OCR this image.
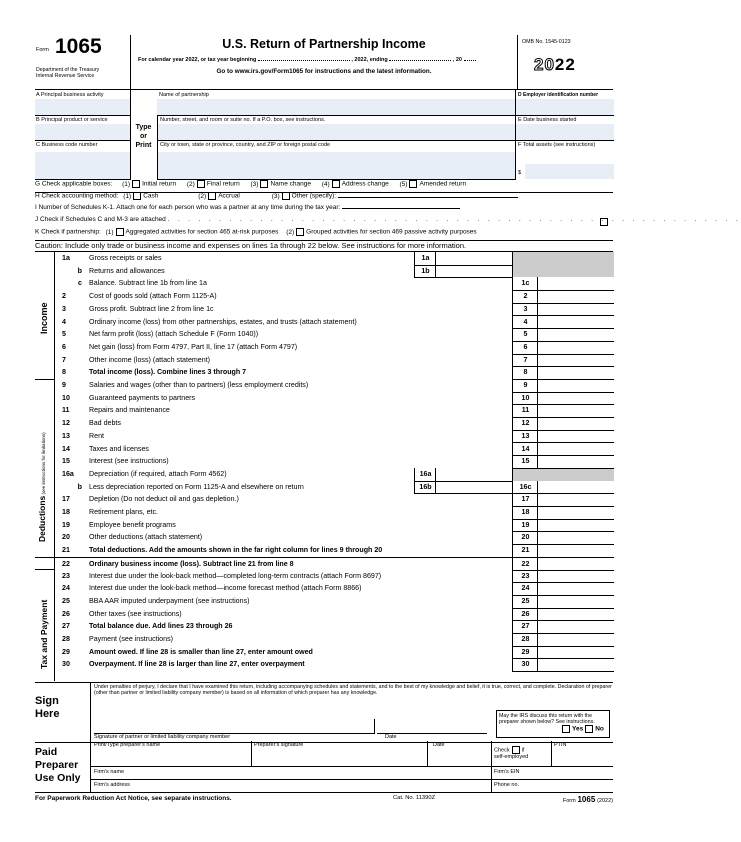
Form 1065
Department of the Treasury
Internal Revenue Service
U.S. Return of Partnership Income
For calendar year 2022, or tax year beginning	, 2022, ending	, 20
Go to www.irs.gov/Form1065 for instructions and the latest information.
OMB No. 1545-0123
2022
A Principal business activity
B Principal product or service
C Business code number
Type
or
Print
Name of partnership
Number, street, and room or suite no. If a P.O. box, see instructions.
City or town, state or province, country, and ZIP or foreign postal code
D Employer identification number
E Date business started
F Total assets (see instructions)
$
G Check applicable boxes: (1) Initial return (2) Final return (3) Name change (4) Address change (5) Amended return
H Check accounting method: (1) Cash	(2) Accrual	(3) Other (specify):
I Number of Schedules K-1. Attach one for each person who was a partner at any time during the tax year:
J Check if Schedules C and M-3 are attached . . . . . . . . . . . . . . . . . . . . . . . . . . . . . . . . . . . . . . . . . . . . . . . . . . . . . . . .
K Check if partnership: (1) Aggregated activities for section 465 at-risk purposes (2) Grouped activities for section 469 passive activity purposes
Caution: Include only trade or business income and expenses on lines 1a through 22 below. See instructions for more information.
Income
Deductions (see instructions for limitations)
Tax and Payment
1a	Gross receipts or sales	1a
b Returns and allowances	1b
c Balance. Subtract line 1b from line 1a	1c
2	Cost of goods sold (attach Form 1125-A)	2
3	Gross profit. Subtract line 2 from line 1c	3
4	Ordinary income (loss) from other partnerships, estates, and trusts (attach statement)	4
5	Net farm profit (loss) (attach Schedule F (Form 1040))	5
6	Net gain (loss) from Form 4797, Part II, line 17 (attach Form 4797)	6
7	Other income (loss) (attach statement)	7
8	Total income (loss). Combine lines 3 through 7	8
9	Salaries and wages (other than to partners) (less employment credits)	9
10	Guaranteed payments to partners	10
11	Repairs and maintenance	11
12	Bad debts	12
13	Rent	13
14	Taxes and licenses	14
15	Interest (see instructions)	15
16a	Depreciation (if required, attach Form 4562)	16a
b Less depreciation reported on Form 1125-A and elsewhere on return	16b	16c
17	Depletion (Do not deduct oil and gas depletion.)	17
18	Retirement plans, etc.	18
19	Employee benefit programs	19
20	Other deductions (attach statement)	20
21	Total deductions. Add the amounts shown in the far right column for lines 9 through 20	21
22	Ordinary business income (loss). Subtract line 21 from line 8	22
23	Interest due under the look-back method—completed long-term contracts (attach Form 8697)	23
24	Interest due under the look-back method—income forecast method (attach Form 8866)	24
25	BBA AAR imputed underpayment (see instructions)	25
26	Other taxes (see instructions)	26
27	Total balance due. Add lines 23 through 26	27
28	Payment (see instructions)	28
29	Amount owed. If line 28 is smaller than line 27, enter amount owed	29
30	Overpayment. If line 28 is larger than line 27, enter overpayment	30
Sign
Here
Under penalties of perjury, I declare that I have examined this return, including accompanying schedules and statements, and to the best of my knowledge and belief, it is true, correct, and complete. Declaration of preparer (other than partner or limited liability company member) is based on all information of which preparer has any knowledge.
Signature of partner or limited liability company member	Date
May the IRS discuss this return with the preparer shown below? See instructions.
Yes No
Paid
Preparer
Use Only
Print/Type preparer's name	Preparer's signature	Date
Check if
self-employed
PTIN
Firm's name	Firm's EIN
Firm's address	Phone no.
For Paperwork Reduction Act Notice, see separate instructions.	Cat. No. 11390Z	Form 1065 (2022)
